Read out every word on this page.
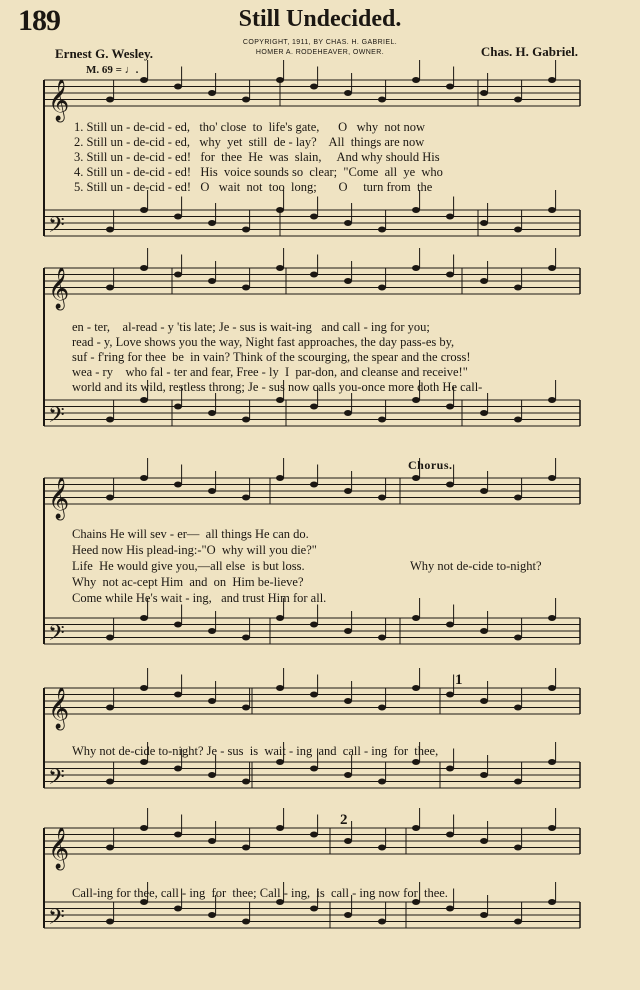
189	Still Undecided.
COPYRIGHT, 1911, BY CHAS. H. GABRIEL.
HOMER A. RODEHEAVER, OWNER.
Ernest G. Wesley.	Chas. H. Gabriel.
M. 69 = ♩.
𝄞
𝄢
𝄞
𝄢
𝄞
𝄢
𝄞
𝄢
𝄞
𝄢
1. Still un - de-cid - ed,   tho' close  to  life's gate,      O   why  not now
2. Still un - de-cid - ed,   why  yet  still  de - lay?    All  things are now
3. Still un - de-cid - ed!   for  thee  He  was  slain,     And why should His
4. Still un - de-cid - ed!   His  voice sounds so  clear;  "Come  all  ye  who
5. Still un - de-cid - ed!   O   wait  not  too  long;       O     turn from  the
en - ter,    al-read - y 'tis late; Je - sus is wait-ing   and call - ing for you;
read - y, Love shows you the way, Night fast approaches, the day pass-es by,
suf - f'ring for thee  be  in vain? Think of the scourging, the spear and the cross!
wea - ry    who fal - ter and fear, Free - ly  I  par-don, and cleanse and receive!"
world and its wild, restless throng; Je - sus now calls you-once more doth He call-
Chorus.
Chains He will sev - er—  all things He can do.
Heed now His plead-ing:-"O  why will you die?"
Life  He would give you,—all else  is but loss.
Why  not ac-cept Him  and  on  Him be-lieve?
Come while He's wait - ing,   and trust Him for all.
Why not de-cide to-night?
1
Why not de-cide to-night? Je - sus  is  wait - ing  and  call - ing  for  thee,
2
Call-ing for thee, call - ing  for  thee; Call - ing,  is  call - ing now for  thee.
